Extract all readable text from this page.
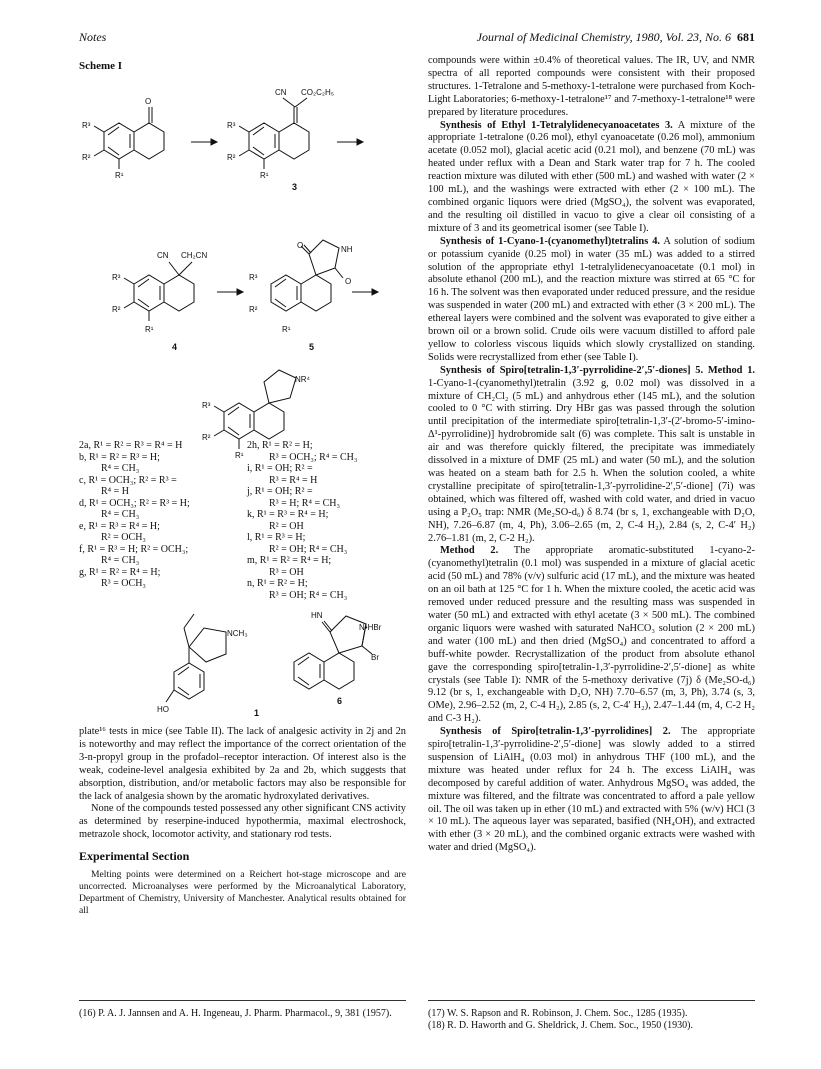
Notes	Journal of Medicinal Chemistry, 1980, Vol. 23, No. 6 681
Scheme I
O
R³
R²
R¹
CN CO₂C₂H₅
R³
R²
R¹
3
CN CH₂CN
R³
R²
R¹
4
O	NH
O
R³
R²
R¹
5
NR⁴
R³
R²
R¹
NCH₃
HO	1
HN
N•HBr
Br
6
2a, R¹ = R² = R³ = R⁴ = H
b, R¹ = R² = R³ = H;
R⁴ = CH₃
c, R¹ = OCH₃; R² = R³ =
R⁴ = H
d, R¹ = OCH₃; R² = R³ = H;
R⁴ = CH₃
e, R¹ = R³ = R⁴ = H;
R² = OCH₃
f, R¹ = R³ = H; R² = OCH₃;
R⁴ = CH₃
g, R¹ = R² = R⁴ = H;
R³ = OCH₃
2h, R¹ = R² = H;
R³ = OCH₃; R⁴ = CH₃
i, R¹ = OH; R² =
R³ = R⁴ = H
j, R¹ = OH; R² =
R³ = H; R⁴ = CH₃
k, R¹ = R³ = R⁴ = H;
R² = OH
l, R¹ = R³ = H;
R² = OH; R⁴ = CH₃
m, R¹ = R² = R⁴ = H;
R³ = OH
n, R¹ = R² = H;
R³ = OH; R⁴ = CH₃

plate¹⁶ tests in mice (see Table II). The lack of analgesic activity in 2j and 2n is noteworthy and may reflect the importance of the correct orientation of the 3-n-propyl group in the profadol–receptor interaction. Of interest also is the weak, codeine-level analgesia exhibited by 2a and 2b, which suggests that absorption, distribution, and/or metabolic factors may also be responsible for the lack of analgesia shown by the aromatic hydroxylated derivatives.

None of the compounds tested possessed any other significant CNS activity as determined by reserpine-induced hypothermia, maximal electroshock, metrazole shock, locomotor activity, and stationary rod tests.

Experimental Section

Melting points were determined on a Reichert hot-stage microscope and are uncorrected. Microanalyses were performed by the Microanalytical Laboratory, Department of Chemistry, University of Manchester. Analytical results obtained for all

compounds were within ±0.4% of theoretical values. The IR, UV, and NMR spectra of all reported compounds were consistent with their proposed structures. 1-Tetralone and 5-methoxy-1-tetralone were purchased from Koch-Light Laboratories; 6-methoxy-1-tetralone¹⁷ and 7-methoxy-1-tetralone¹⁸ were prepared by literature procedures.

Synthesis of Ethyl 1-Tetralylidenecyanoacetates 3. A mixture of the appropriate 1-tetralone (0.26 mol), ethyl cyanoacetate (0.26 mol), ammonium acetate (0.052 mol), glacial acetic acid (0.21 mol), and benzene (70 mL) was heated under reflux with a Dean and Stark water trap for 7 h. The cooled reaction mixture was diluted with ether (500 mL) and washed with water (2 × 100 mL), and the washings were extracted with ether (2 × 100 mL). The combined organic liquors were dried (MgSO₄), the solvent was evaporated, and the resulting oil distilled in vacuo to give a clear oil consisting of a mixture of 3 and its geometrical isomer (see Table I).

Synthesis of 1-Cyano-1-(cyanomethyl)tetralins 4. A solution of sodium or potassium cyanide (0.25 mol) in water (35 mL) was added to a stirred solution of the appropriate ethyl 1-tetralylidenecyanoacetate (0.1 mol) in absolute ethanol (200 mL), and the reaction mixture was stirred at 65 °C for 16 h. The solvent was then evaporated under reduced pressure, and the residue was suspended in water (200 mL) and extracted with ether (3 × 200 mL). The ethereal layers were combined and the solvent was evaporated to give either a brown oil or a brown solid. Crude oils were vacuum distilled to afford pale yellow to colorless viscous liquids which slowly crystallized on standing. Solids were recrystallized from ether (see Table I).

Synthesis of Spiro[tetralin-1,3′-pyrrolidine-2′,5′-diones] 5. Method 1. 1-Cyano-1-(cyanomethyl)tetralin (3.92 g, 0.02 mol) was dissolved in a mixture of CH₂Cl₂ (5 mL) and anhydrous ether (145 mL), and the solution cooled to 0 °C with stirring. Dry HBr gas was passed through the solution until precipitation of the intermediate spiro[tetralin-1,3′-(2′-bromo-5′-imino-Δ¹-pyrrolidine)] hydrobromide salt (6) was complete. This salt is unstable in air and was therefore quickly filtered, the precipitate was immediately dissolved in a mixture of DMF (25 mL) and water (50 mL), and the solution was heated on a steam bath for 2.5 h. When the solution cooled, a white crystalline precipitate of spiro[tetralin-1,3′-pyrrolidine-2′,5′-dione] (7i) was obtained, which was filtered off, washed with cold water, and dried in vacuo using a P₂O₅ trap: NMR (Me₂SO-d₆) δ 8.74 (br s, 1, exchangeable with D₂O, NH), 7.26–6.87 (m, 4, Ph), 3.06–2.65 (m, 2, C-4 H₂), 2.84 (s, 2, C-4′ H₂) 2.76–1.81 (m, 2, C-2 H₂).

Method 2. The appropriate aromatic-substituted 1-cyano-2-(cyanomethyl)tetralin (0.1 mol) was suspended in a mixture of glacial acetic acid (50 mL) and 78% (v/v) sulfuric acid (17 mL), and the mixture was heated on an oil bath at 125 °C for 1 h. When the mixture cooled, the acetic acid was removed under reduced pressure and the resulting mass was suspended in water (50 mL) and extracted with ethyl acetate (3 × 500 mL). The combined organic liquors were washed with saturated NaHCO₃ solution (2 × 200 mL) and water (100 mL) and then dried (MgSO₄) and concentrated to afford a buff-white powder. Recrystallization of the product from absolute ethanol gave the corresponding spiro[tetralin-1,3′-pyrrolidine-2′,5′-dione] as white crystals (see Table I): NMR of the 5-methoxy derivative (7j) δ (Me₂SO-d₆) 9.12 (br s, 1, exchangeable with D₂O, NH) 7.70–6.57 (m, 3, Ph), 3.74 (s, 3, OMe), 2.96–2.52 (m, 2, C-4 H₂), 2.85 (s, 2, C-4′ H₂), 2.47–1.44 (m, 4, C-2 H₂ and C-3 H₂).

Synthesis of Spiro[tetralin-1,3′-pyrrolidines] 2. The appropriate spiro[tetralin-1,3′-pyrrolidine-2′,5′-dione] was slowly added to a stirred suspension of LiAlH₄ (0.03 mol) in anhydrous THF (100 mL), and the mixture was heated under reflux for 24 h. The excess LiAlH₄ was decomposed by careful addition of water. Anhydrous MgSO₄ was added, the mixture was filtered, and the filtrate was concentrated to afford a pale yellow oil. The oil was taken up in ether (10 mL) and extracted with 5% (w/v) HCl (3 × 10 mL). The aqueous layer was separated, basified (NH₄OH), and extracted with ether (3 × 20 mL), and the combined organic extracts were washed with water and dried (MgSO₄).

(16) P. A. J. Jannsen and A. H. Ingeneau, J. Pharm. Pharmacol., 9, 381 (1957).	(17) W. S. Rapson and R. Robinson, J. Chem. Soc., 1285 (1935).
(18) R. D. Haworth and G. Sheldrick, J. Chem. Soc., 1950 (1930).
